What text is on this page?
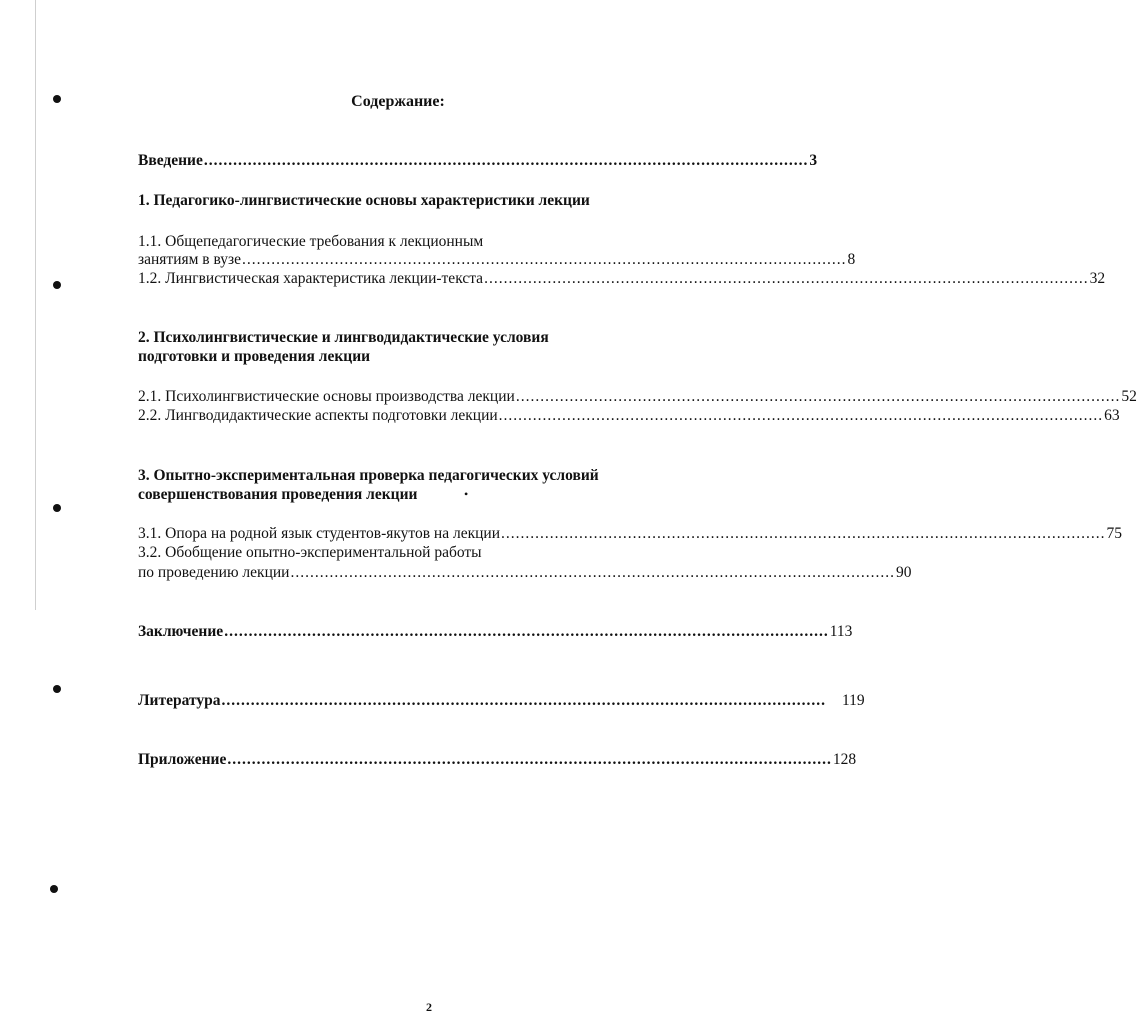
Содержание:
Введение ............................................................................................................................ 3
1. Педагогико-лингвистические основы характеристики лекции
1.1. Общепедагогические требования к лекционным
занятиям в вузе ............................................................................................................................ 8
1.2. Лингвистическая характеристика лекции-текста ............................................................................................................................ 32
2. Психолингвистические и лингводидактические условия
подготовки и проведения лекции
2.1. Психолингвистические основы производства лекции ............................................................................................................................ 52
2.2. Лингводидактические аспекты подготовки лекции ............................................................................................................................ 63
3. Опытно-экспериментальная проверка педагогических условий
совершенствования проведения лекции	•
3.1. Опора на родной язык студентов-якутов на лекции ............................................................................................................................ 75
3.2. Обобщение опытно-экспериментальной работы
по проведению лекции ............................................................................................................................ 90
Заключение ............................................................................................................................ 113
Литература ............................................................................................................................ 119
Приложение ............................................................................................................................ 128
2
